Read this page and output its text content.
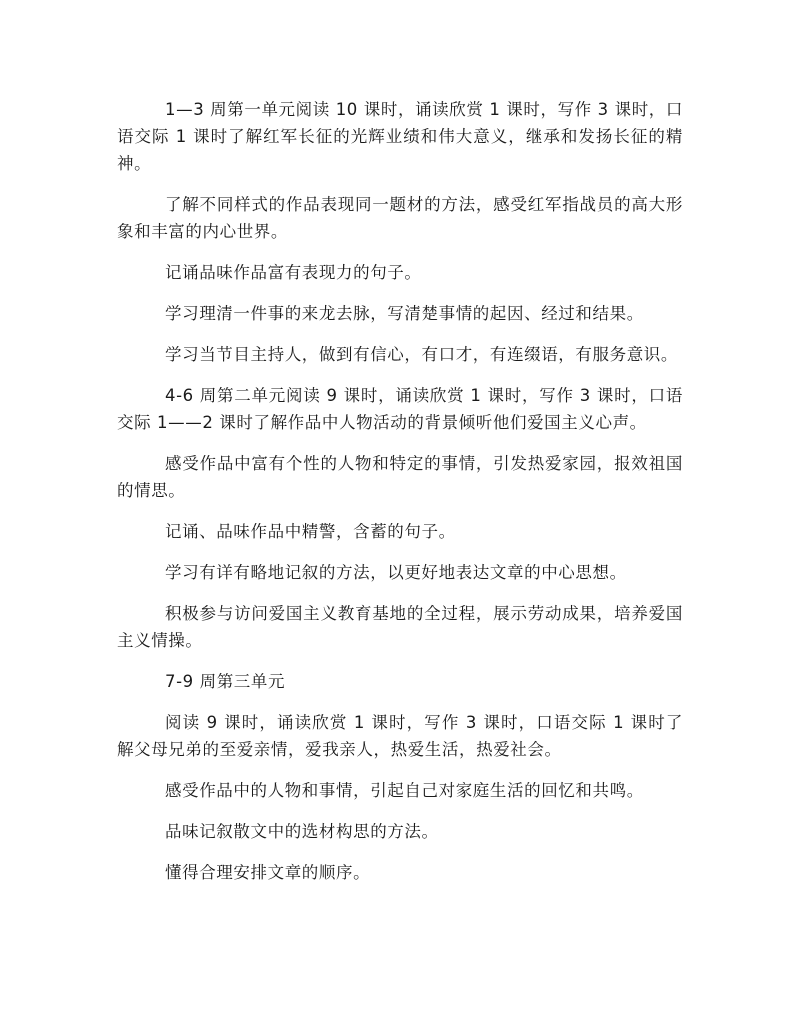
1—3 周第一单元阅读 10 课时，诵读欣赏 1 课时，写作 3 课时，口语交际 1 课时了解红军长征的光辉业绩和伟大意义，继承和发扬长征的精神。

了解不同样式的作品表现同一题材的方法，感受红军指战员的高大形象和丰富的内心世界。

记诵品味作品富有表现力的句子。

学习理清一件事的来龙去脉，写清楚事情的起因、经过和结果。

学习当节目主持人，做到有信心，有口才，有连缀语，有服务意识。

4-6 周第二单元阅读 9 课时，诵读欣赏 1 课时，写作 3 课时，口语交际 1——2 课时了解作品中人物活动的背景倾听他们爱国主义心声。

感受作品中富有个性的人物和特定的事情，引发热爱家园，报效祖国的情思。

记诵、品味作品中精警，含蓄的句子。

学习有详有略地记叙的方法，以更好地表达文章的中心思想。

积极参与访问爱国主义教育基地的全过程，展示劳动成果，培养爱国主义情操。

7-9 周第三单元

阅读 9 课时，诵读欣赏 1 课时，写作 3 课时，口语交际 1 课时了解父母兄弟的至爱亲情，爱我亲人，热爱生活，热爱社会。

感受作品中的人物和事情，引起自己对家庭生活的回忆和共鸣。

品味记叙散文中的选材构思的方法。

懂得合理安排文章的顺序。
